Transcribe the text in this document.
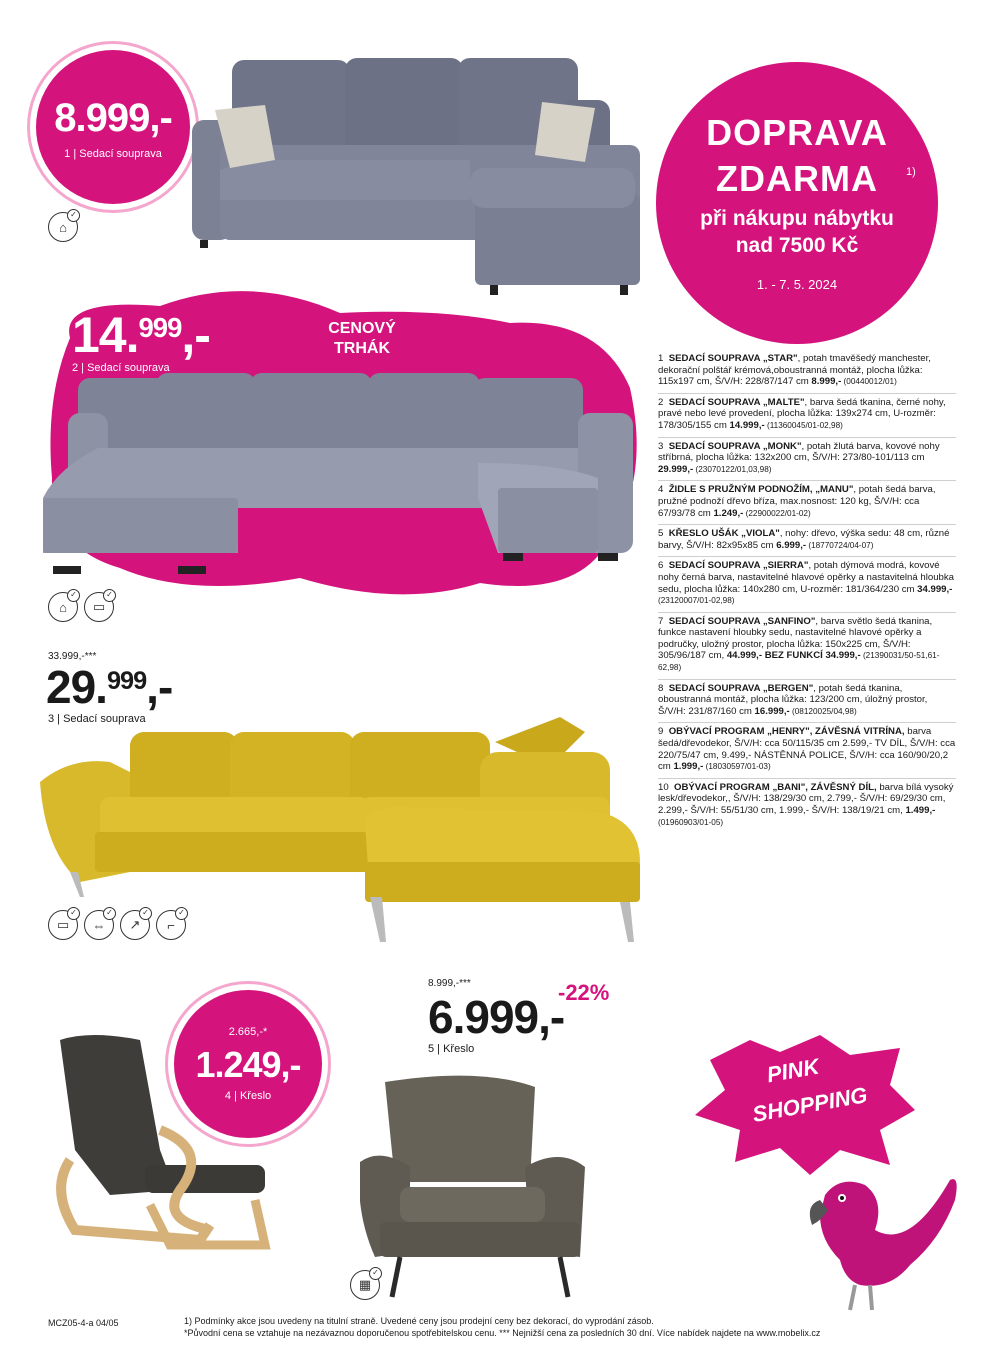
8.999,-
1 | Sedací souprava
⌂
✓
DOPRAVA
ZDARMA	1)
při nákupu nábytku
nad 7500 Kč
1. - 7. 5. 2024
14.$^{999}$,-
2 | Sedací souprava
CENOVÝ
TRHÁK
⌂
✓
▭
✓
33.999,-***
29.$^{999}$,-
3 | Sedací souprava
▭
✓
⇔
✓
↗
✓
⌐
✓
1 SEDACÍ SOUPRAVA „STAR", potah tmavěšedý manchester, dekorační polštář krémová,oboustranná montáž, plocha lůžka: 115x197 cm, Š/V/H: 228/87/147 cm 8.999,- (00440012/01)
2 SEDACÍ SOUPRAVA „MALTE", barva šedá tkanina, černé nohy, pravé nebo levé provedení, plocha lůžka: 139x274 cm, U-rozměr: 178/305/155 cm 14.999,- (11360045/01-02,98)
3 SEDACÍ SOUPRAVA „MONK", potah žlutá barva, kovové nohy stříbrná, plocha lůžka: 132x200 cm, Š/V/H: 273/80-101/113 cm 29.999,- (23070122/01,03,98)
4 ŽIDLE S PRUŽNÝM PODNOŽÍM, „MANU", potah šedá barva, pružné podnoží dřevo bříza, max.nosnost: 120 kg, Š/V/H: cca 67/93/78 cm 1.249,- (22900022/01-02)
5 KŘESLO UŠÁK „VIOLA", nohy: dřevo, výška sedu: 48 cm, různé barvy, Š/V/H: 82x95x85 cm 6.999,- (18770724/04-07)
6 SEDACÍ SOUPRAVA „SIERRA", potah dýmová modrá, kovové nohy černá barva, nastavitelné hlavové opěrky a nastavitelná hloubka sedu, plocha lůžka: 140x280 cm, U-rozměr: 181/364/230 cm 34.999,- (23120007/01-02,98)
7 SEDACÍ SOUPRAVA „SANFINO", barva světlo šedá tkanina, funkce nastavení hloubky sedu, nastavitelné hlavové opěrky a područky, uložný prostor, plocha lůžka: 150x225 cm, Š/V/H: 305/96/187 cm, 44.999,- BEZ FUNKCÍ 34.999,- (21390031/50-51,61-62,98)
8 SEDACÍ SOUPRAVA „BERGEN", potah šedá tkanina, oboustranná montáž, plocha lůžka: 123/200 cm, úložný prostor, Š/V/H: 231/87/160 cm 16.999,- (08120025/04,98)
9 OBÝVACÍ PROGRAM „HENRY", ZÁVĚSNÁ VITRÍNA, barva šedá/dřevodekor, Š/V/H: cca 50/115/35 cm 2.599,- TV DÍL, Š/V/H: cca 220/75/47 cm, 9.499,- NÁSTĚNNÁ POLICE, Š/V/H: cca 160/90/20,2 cm 1.999,- (18030597/01-03)
10 OBÝVACÍ PROGRAM „BANI", ZÁVĚSNÝ DÍL, barva bílá vysoký lesk/dřevodekor,, Š/V/H: 138/29/30 cm, 2.799,- Š/V/H: 69/29/30 cm, 2.299,- Š/V/H: 55/51/30 cm, 1.999,- Š/V/H: 138/19/21 cm, 1.499,- (01960903/01-05)
2.665,-*
1.249,-
4 | Křeslo
8.999,-***
6.999,-
-22%
5 | Křeslo
▦
✓
PINK
SHOPPING
MCZ05-4-a 04/05	1) Podmínky akce jsou uvedeny na titulní straně. Uvedené ceny jsou prodejní ceny bez dekorací, do vyprodání zásob.
*Původní cena se vztahuje na nezávaznou doporučenou spotřebitelskou cenu. *** Nejnižší cena za posledních 30 dní. Více nabídek najdete na www.mobelix.cz
